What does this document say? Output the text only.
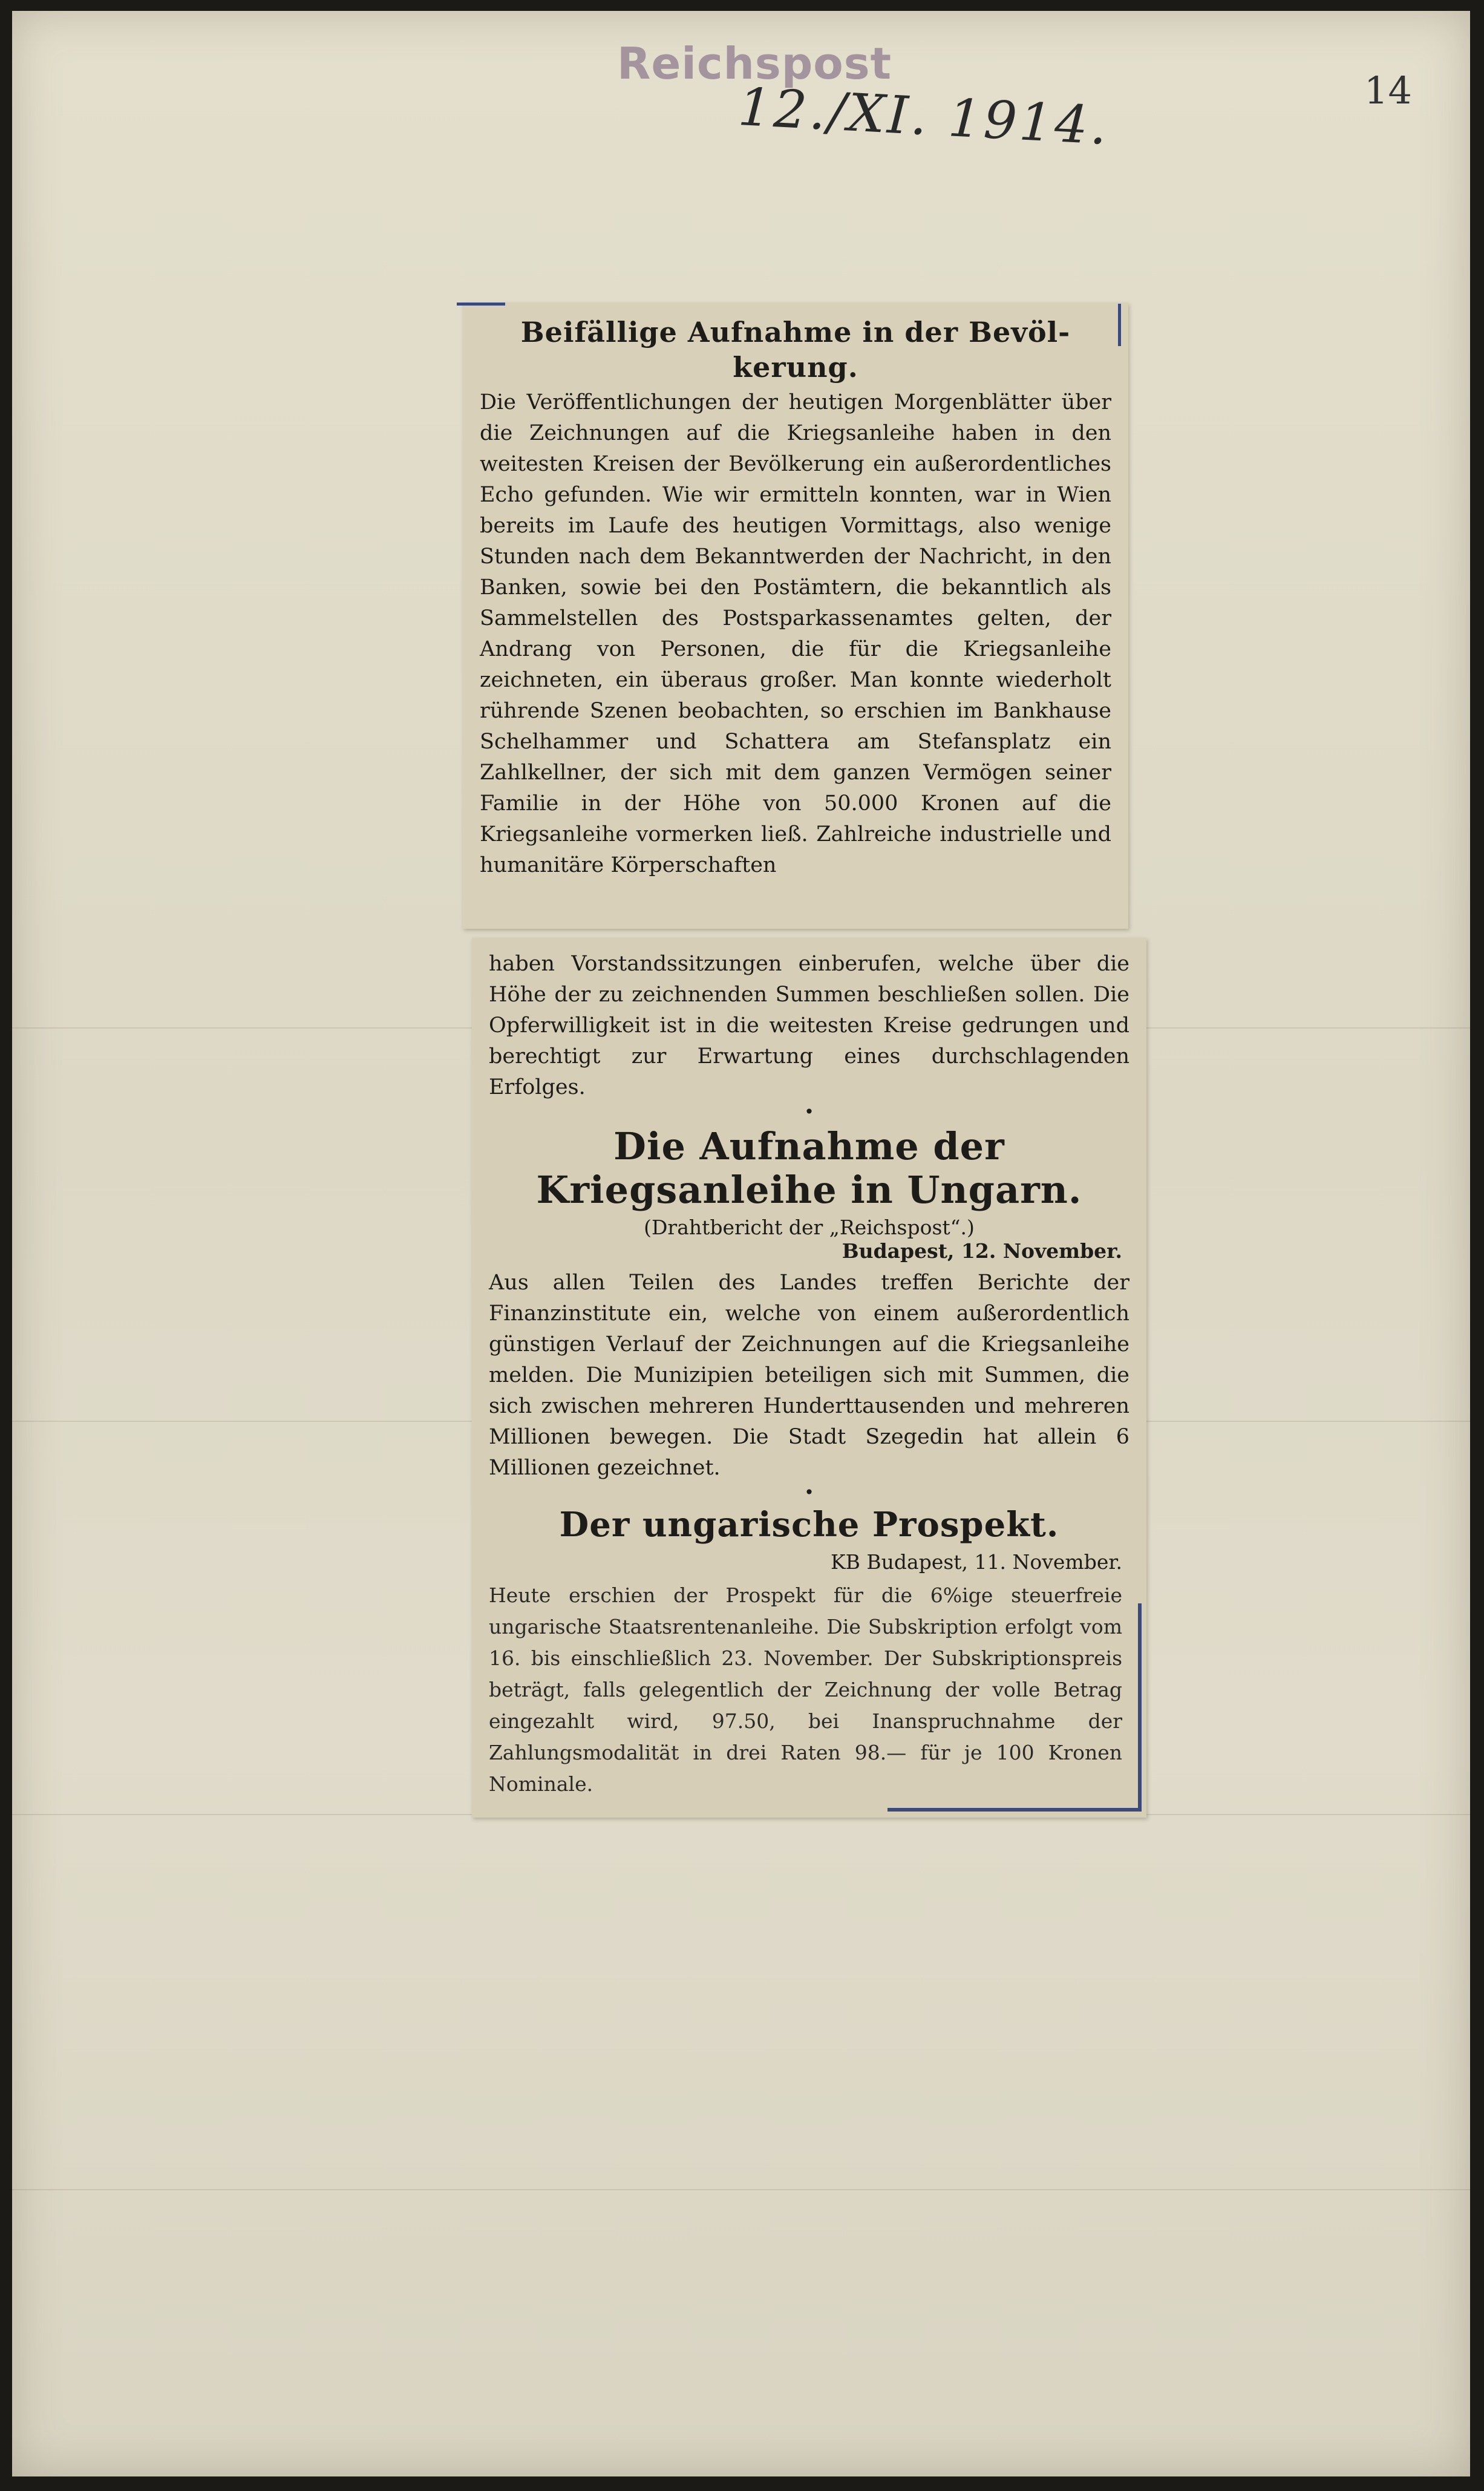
Reichspost
12./XI. 1914.	14
Beifällige Aufnahme in der Bevöl-kerung.

Die Veröffentlichungen der heutigen Morgenblätter über die Zeichnungen auf die Kriegsanleihe haben in den weitesten Kreisen der Bevölkerung ein außerordentliches Echo gefunden. Wie wir ermitteln konnten, war in Wien bereits im Laufe des heutigen Vormittags, also wenige Stunden nach dem Bekanntwerden der Nachricht, in den Banken, sowie bei den Postämtern, die bekanntlich als Sammelstellen des Postsparkassenamtes gelten, der Andrang von Personen, die für die Kriegsanleihe zeichneten, ein überaus großer. Man konnte wiederholt rührende Szenen beobachten, so erschien im Bankhause Schelhammer und Schattera am Stefansplatz ein Zahlkellner, der sich mit dem ganzen Vermögen seiner Familie in der Höhe von 50.000 Kronen auf die Kriegsanleihe vormerken ließ. Zahlreiche industrielle und humanitäre Körperschaften

haben Vorstandssitzungen einberufen, welche über die Höhe der zu zeichnenden Summen beschließen sollen. Die Opferwilligkeit ist in die weitesten Kreise gedrungen und berechtigt zur Erwartung eines durchschlagenden Erfolges.

•
Die Aufnahme der Kriegsanleihe in Ungarn.

(Drahtbericht der „Reichspost“.)

Budapest, 12. November.

Aus allen Teilen des Landes treffen Berichte der Finanzinstitute ein, welche von einem außerordentlich günstigen Verlauf der Zeichnungen auf die Kriegsanleihe melden. Die Munizipien beteiligen sich mit Summen, die sich zwischen mehreren Hunderttausenden und mehreren Millionen bewegen. Die Stadt Szegedin hat allein 6 Millionen gezeichnet.

•
Der ungarische Prospekt.

KB Budapest, 11. November.

Heute erschien der Prospekt für die 6%ige steuerfreie ungarische Staatsrentenanleihe. Die Subskription erfolgt vom 16. bis einschließlich 23. November. Der Subskriptionspreis beträgt, falls gelegentlich der Zeichnung der volle Betrag eingezahlt wird, 97.50, bei Inanspruchnahme der Zahlungsmodalität in drei Raten 98.— für je 100 Kronen Nominale.
